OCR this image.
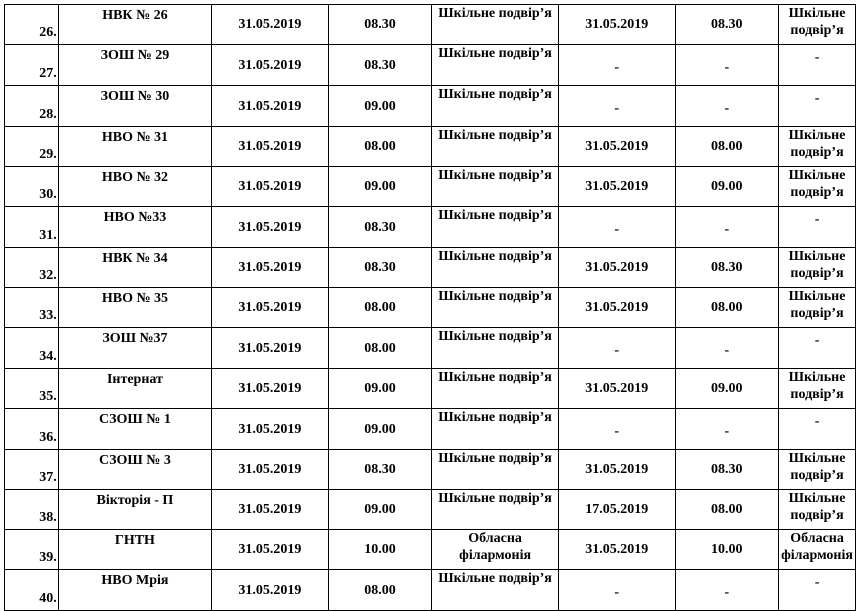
26.	НВК № 26	31.05.2019	08.30	Шкільне подвір’я	31.05.2019	08.30	Шкільне подвір’я
27.	ЗОШ № 29	31.05.2019	08.30	Шкільне подвір’я	-	-	-
28.	ЗОШ № 30	31.05.2019	09.00	Шкільне подвір’я	-	-	-
29.	НВО № 31	31.05.2019	08.00	Шкільне подвір’я	31.05.2019	08.00	Шкільне подвір’я
30.	НВО № 32	31.05.2019	09.00	Шкільне подвір’я	31.05.2019	09.00	Шкільне подвір’я
31.	НВО №33	31.05.2019	08.30	Шкільне подвір’я	-	-	-
32.	НВК № 34	31.05.2019	08.30	Шкільне подвір’я	31.05.2019	08.30	Шкільне подвір’я
33.	НВО № 35	31.05.2019	08.00	Шкільне подвір’я	31.05.2019	08.00	Шкільне подвір’я
34.	ЗОШ №37	31.05.2019	08.00	Шкільне подвір’я	-	-	-
35.	Інтернат	31.05.2019	09.00	Шкільне подвір’я	31.05.2019	09.00	Шкільне подвір’я
36.	СЗОШ № 1	31.05.2019	09.00	Шкільне подвір’я	-	-	-
37.	СЗОШ № 3	31.05.2019	08.30	Шкільне подвір’я	31.05.2019	08.30	Шкільне подвір’я
38.	Вікторія - П	31.05.2019	09.00	Шкільне подвір’я	17.05.2019	08.00	Шкільне подвір’я
39.	ГНТН	31.05.2019	10.00	Обласна філармонія	31.05.2019	10.00	Обласна філармонія
40.	НВО Мрія	31.05.2019	08.00	Шкільне подвір’я	-	-	-
